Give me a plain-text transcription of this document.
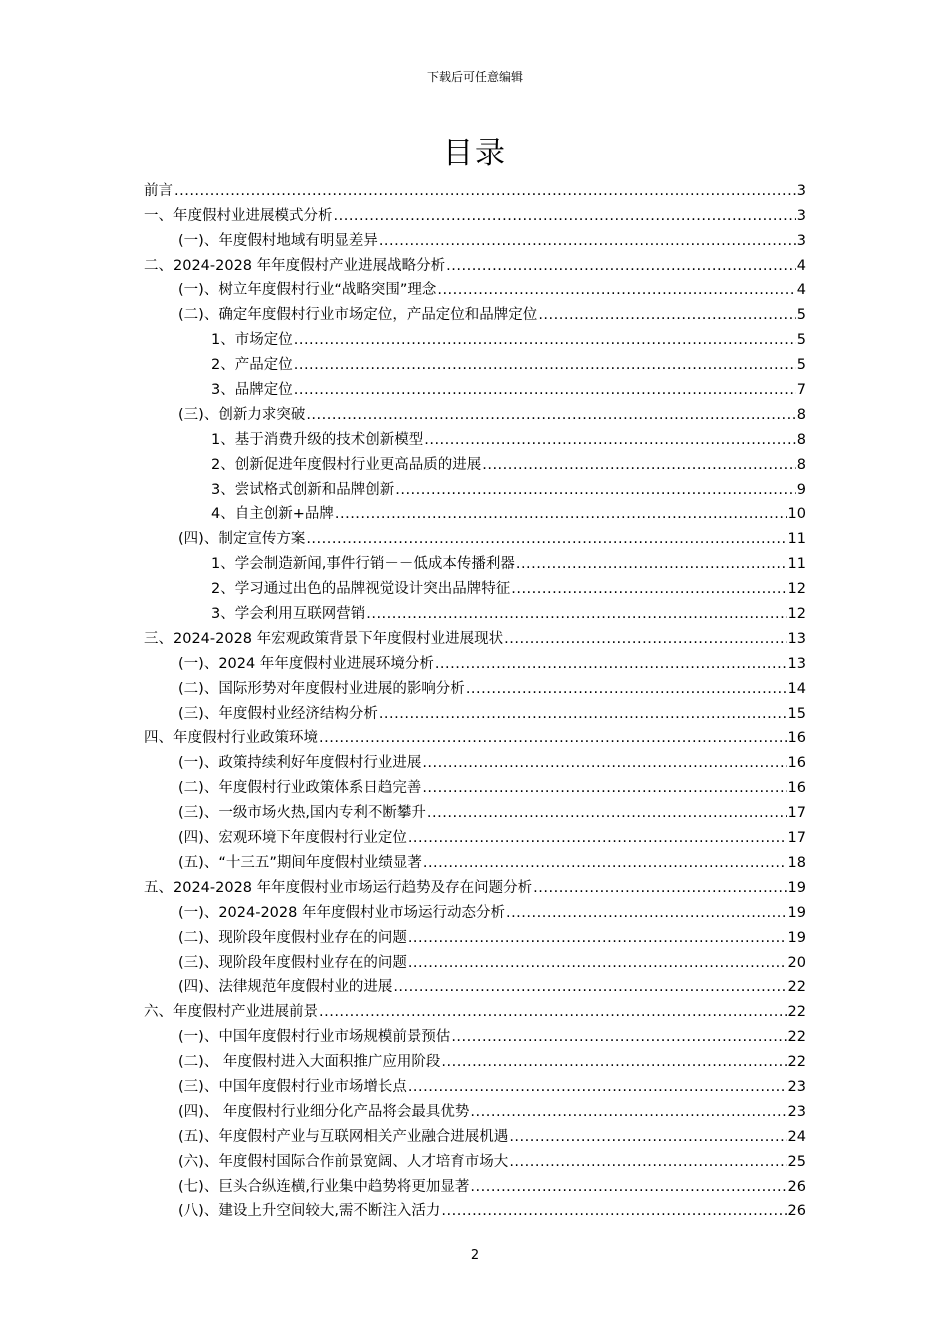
下载后可任意编辑
目录
前言 .....	3
一、年度假村业进展模式分析 .....	3
(一)、年度假村地域有明显差异 .....	3
二、2024-2028 年年度假村产业进展战略分析 .....	4
(一)、树立年度假村行业“战略突围”理念 .....	4
(二)、确定年度假村行业市场定位，产品定位和品牌定位 .....	5
1、市场定位 .....	5
2、产品定位 .....	5
3、品牌定位 .....	7
(三)、创新力求突破 .....	8
1、基于消费升级的技术创新模型 .....	8
2、创新促进年度假村行业更高品质的进展 .....	8
3、尝试格式创新和品牌创新 .....	9
4、自主创新+品牌 .....	10
(四)、制定宣传方案 .....	11
1、学会制造新闻,事件行销－－低成本传播利器 .....	11
2、学习通过出色的品牌视觉设计突出品牌特征 .....	12
3、学会利用互联网营销 .....	12
三、2024-2028 年宏观政策背景下年度假村业进展现状 .....	13
(一)、2024 年年度假村业进展环境分析 .....	13
(二)、国际形势对年度假村业进展的影响分析 .....	14
(三)、年度假村业经济结构分析 .....	15
四、年度假村行业政策环境 .....	16
(一)、政策持续利好年度假村行业进展 .....	16
(二)、年度假村行业政策体系日趋完善 .....	16
(三)、一级市场火热,国内专利不断攀升 .....	17
(四)、宏观环境下年度假村行业定位 .....	17
(五)、“十三五”期间年度假村业绩显著 .....	18
五、2024-2028 年年度假村业市场运行趋势及存在问题分析 .....	19
(一)、2024-2028 年年度假村业市场运行动态分析 .....	19
(二)、现阶段年度假村业存在的问题 .....	19
(三)、现阶段年度假村业存在的问题 .....	20
(四)、法律规范年度假村业的进展 .....	22
六、年度假村产业进展前景 .....	22
(一)、中国年度假村行业市场规模前景预估 .....	22
(二)、 年度假村进入大面积推广应用阶段 .....	22
(三)、中国年度假村行业市场增长点 .....	23
(四)、 年度假村行业细分化产品将会最具优势 .....	23
(五)、年度假村产业与互联网相关产业融合进展机遇 .....	24
(六)、年度假村国际合作前景宽阔、人才培育市场大 .....	25
(七)、巨头合纵连横,行业集中趋势将更加显著 .....	26
(八)、建设上升空间较大,需不断注入活力 .....	26
2
